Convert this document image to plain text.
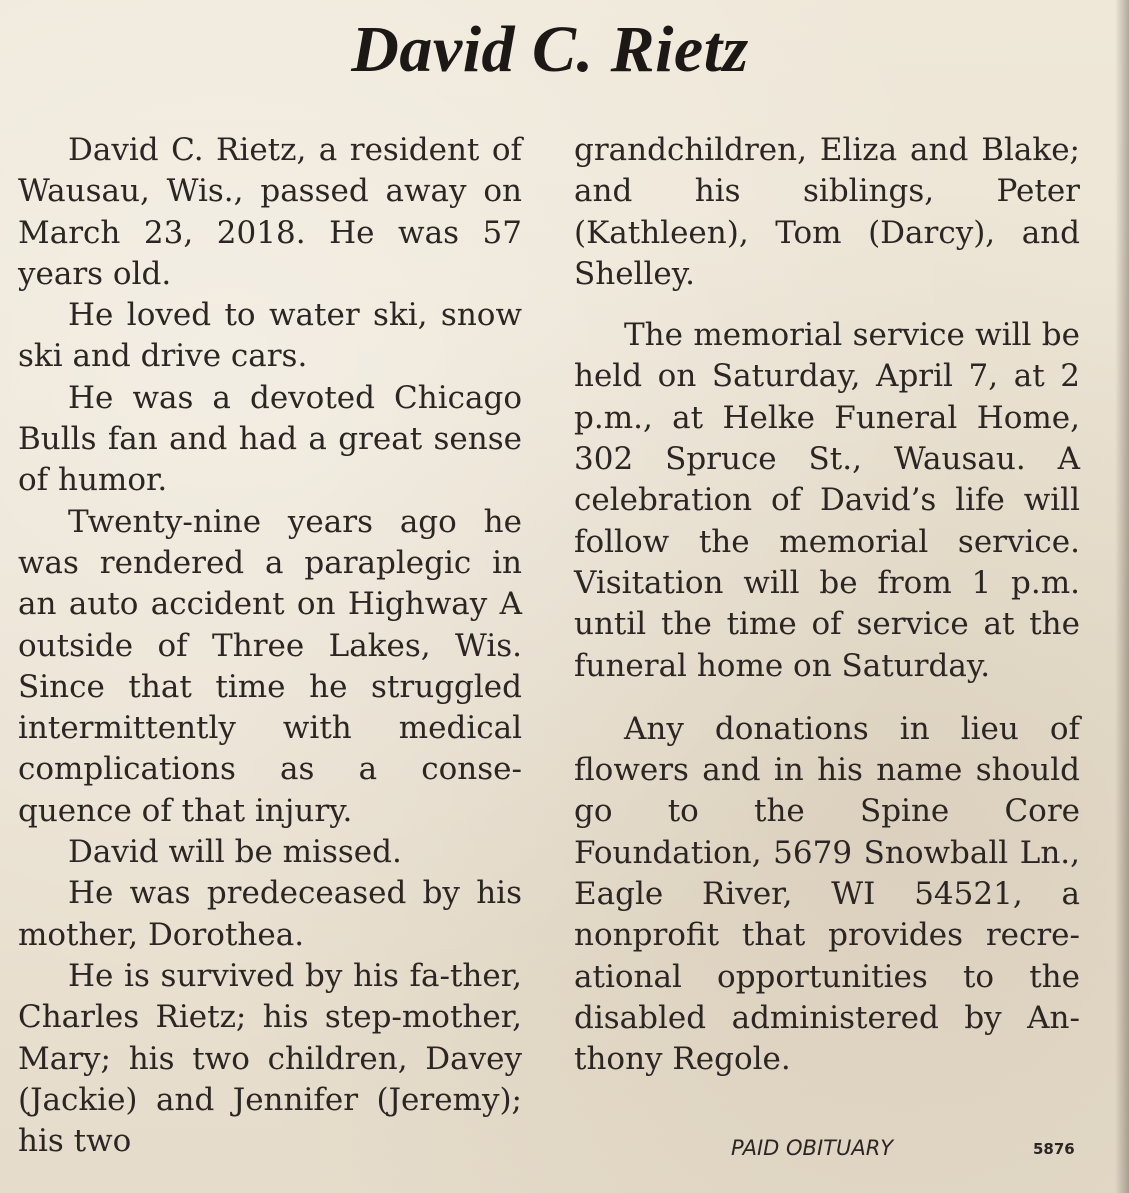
David C. Rietz

David C. Rietz, a resident of Wausau, Wis., passed away on March 23, 2018. He was 57 years old.

He loved to water ski, snow ski and drive cars.

He was a devoted Chicago Bulls fan and had a great sense of humor.

Twenty-nine years ago he was rendered a paraplegic in an auto accident on Highway A outside of Three Lakes, Wis. Since that time he struggled intermittently with medical complications as a conse-quence of that injury.

David will be missed.

He was predeceased by his mother, Dorothea.

He is survived by his fa-ther, Charles Rietz; his step-mother, Mary; his two children, Davey (Jackie) and Jennifer (Jeremy); his two

grandchildren, Eliza and Blake; and his siblings, Peter (Kathleen), Tom (Darcy), and Shelley.

The memorial service will be held on Saturday, April 7, at 2 p.m., at Helke Funeral Home, 302 Spruce St., Wausau. A celebration of David’s life will follow the memorial service. Visitation will be from 1 p.m. until the time of service at the funeral home on Saturday.

Any donations in lieu of flowers and in his name should go to the Spine Core Foundation, 5679 Snowball Ln., Eagle River, WI 54521, a nonprofit that provides recre-ational opportunities to the disabled administered by An-thony Regole.

PAID OBITUARY	5876
